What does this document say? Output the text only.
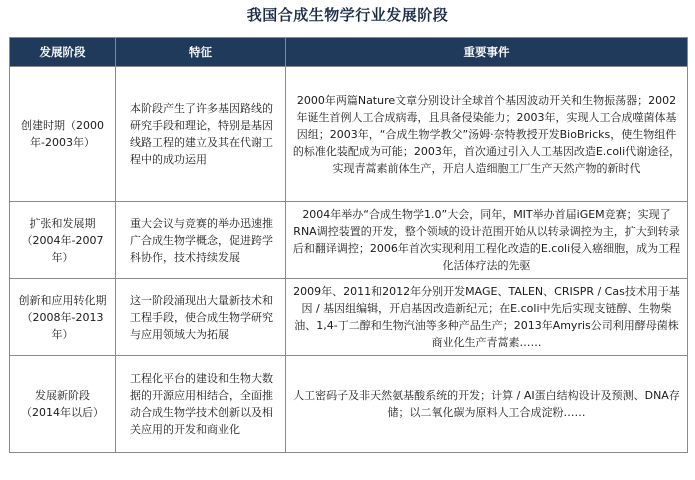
我国合成生物学行业发展阶段
发展阶段	特征	重要事件
创建时期（2000年-2003年）	本阶段产生了许多基因路线的研究手段和理论，特别是基因线路工程的建立及其在代谢工程中的成功运用	2000年两篇Nature文章分别设计全球首个基因波动开关和生物振荡器；2002年诞生首例人工合成病毒，且具备侵染能力；2003年，实现人工合成噬菌体基因组；2003年，“合成生物学教父”汤姆·奈特教授开发BioBricks，使生物组件的标准化装配成为可能；2003年，首次通过引入人工基因改造E.coli代谢途径，实现青蒿素前体生产，开启人造细胞工厂生产天然产物的新时代
扩张和发展期（2004年-2007年）	重大会议与竞赛的举办迅速推广合成生物学概念，促进跨学科协作，技术持续发展	2004年举办“合成生物学1.0”大会，同年，MIT举办首届iGEM竞赛；实现了RNA调控装置的开发，整个领域的设计范围开始从以转录调控为主，扩大到转录后和翻译调控；2006年首次实现利用工程化改造的E.coli侵入癌细胞，成为工程化活体疗法的先驱
创新和应用转化期（2008年-2013年）	这一阶段涌现出大量新技术和工程手段，使合成生物学研究与应用领域大为拓展	2009年、2011和2012年分别开发MAGE、TALEN、CRISPR / Cas技术用于基因 / 基因组编辑，开启基因改造新纪元；在E.coli中先后实现支链醇、生物柴油、1,4-丁二醇和生物汽油等多种产品生产；2013年Amyris公司利用酵母菌株商业化生产青蒿素……
发展新阶段（2014年以后）	工程化平台的建设和生物大数据的开源应用相结合，全面推动合成生物学技术创新以及相关应用的开发和商业化	人工密码子及非天然氨基酸系统的开发；计算 / AI蛋白结构设计及预测、DNA存储；以二氧化碳为原料人工合成淀粉……
